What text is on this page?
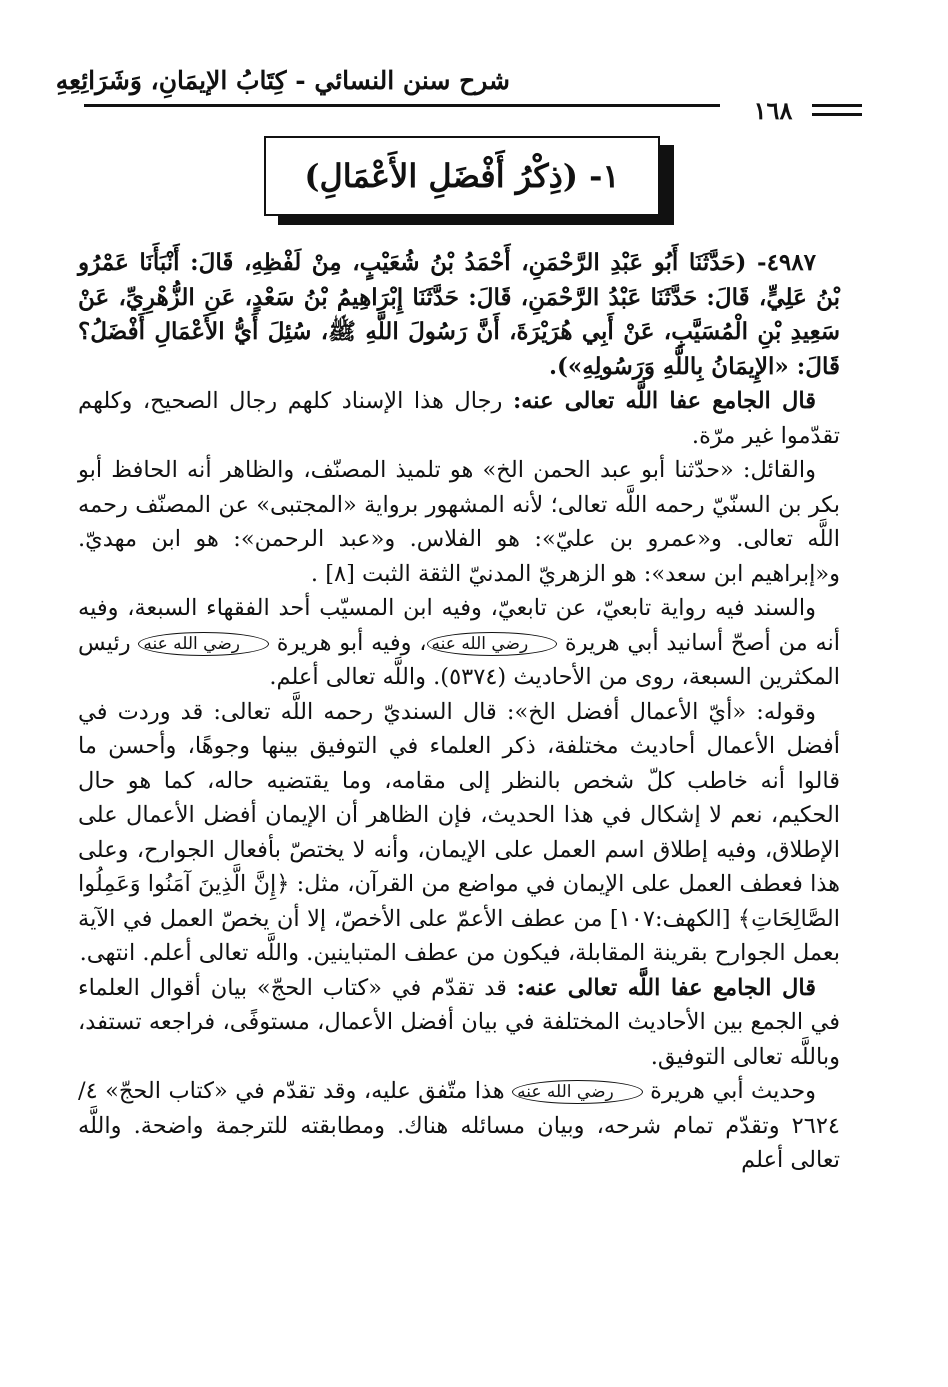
شرح سنن النسائي - كِتَابُ الإيمَانِ، وَشَرَائِعِهِ
١٦٨
١- (ذِكْرُ أَفْضَلِ الأَعْمَالِ)

٤٩٨٧- (حَدَّثَنَا أَبُو عَبْدِ الرَّحْمَنِ، أَحْمَدُ بْنُ شُعَيْبٍ، مِنْ لَفْظِهِ، قَالَ: أَنْبَأَنَا عَمْرُو بْنُ عَلِيٍّ، قَالَ: حَدَّثَنَا عَبْدُ الرَّحْمَنِ، قَالَ: حَدَّثَنَا إِبْرَاهِيمُ بْنُ سَعْدٍ، عَنِ الزُّهْرِيِّ، عَنْ سَعِيدِ بْنِ الْمُسَيَّبِ، عَنْ أَبِي هُرَيْرَةَ، أَنَّ رَسُولَ اللَّهِ ﷺ، سُئِلَ أَيُّ الأَعْمَالِ أَفْضَلُ؟ قَالَ: «الإِيمَانُ بِاللَّهِ وَرَسُولِهِ»).

قال الجامع عفا اللَّه تعالى عنه: رجال هذا الإسناد كلهم رجال الصحيح، وكلهم تقدّموا غير مرّة.

والقائل: «حدّثنا أبو عبد الحمن الخ» هو تلميذ المصنّف، والظاهر أنه الحافظ أبو بكر بن السنّيّ رحمه اللَّه تعالى؛ لأنه المشهور برواية «المجتبى» عن المصنّف رحمه اللَّه تعالى. و«عمرو بن عليّ»: هو الفلاس. و«عبد الرحمن»: هو ابن مهديّ. و«إبراهيم ابن سعد»: هو الزهريّ المدنيّ الثقة الثبت [٨] .

والسند فيه رواية تابعيّ، عن تابعيّ، وفيه ابن المسيّب أحد الفقهاء السبعة، وفيه أنه من أصحّ أسانيد أبي هريرة رضي الله عنه، وفيه أبو هريرة رضي الله عنه رئيس المكثرين السبعة، روى من الأحاديث (٥٣٧٤). واللَّه تعالى أعلم.

وقوله: «أيّ الأعمال أفضل الخ»: قال السنديّ رحمه اللَّه تعالى: قد وردت في أفضل الأعمال أحاديث مختلفة، ذكر العلماء في التوفيق بينها وجوهًا، وأحسن ما قالوا أنه خاطب كلّ شخص بالنظر إلى مقامه، وما يقتضيه حاله، كما هو حال الحكيم، نعم لا إشكال في هذا الحديث، فإن الظاهر أن الإيمان أفضل الأعمال على الإطلاق، وفيه إطلاق اسم العمل على الإيمان، وأنه لا يختصّ بأفعال الجوارح، وعلى هذا فعطف العمل على الإيمان في مواضع من القرآن، مثل: ﴿إِنَّ الَّذِينَ آمَنُوا وَعَمِلُوا الصَّالِحَاتِ﴾ [الكهف:١٠٧] من عطف الأعمّ على الأخصّ، إلا أن يخصّ العمل في الآية بعمل الجوارح بقرينة المقابلة، فيكون من عطف المتباينين. واللَّه تعالى أعلم. انتهى.

قال الجامع عفا اللَّه تعالى عنه: قد تقدّم في «كتاب الحجّ» بيان أقوال العلماء في الجمع بين الأحاديث المختلفة في بيان أفضل الأعمال، مستوفًى، فراجعه تستفد، وباللَّه تعالى التوفيق.

وحديث أبي هريرة رضي الله عنه هذا متّفق عليه، وقد تقدّم في «كتاب الحجّ» ٤/ ٢٦٢٤ وتقدّم تمام شرحه، وبيان مسائله هناك. ومطابقته للترجمة واضحة. واللَّه تعالى أعلم
